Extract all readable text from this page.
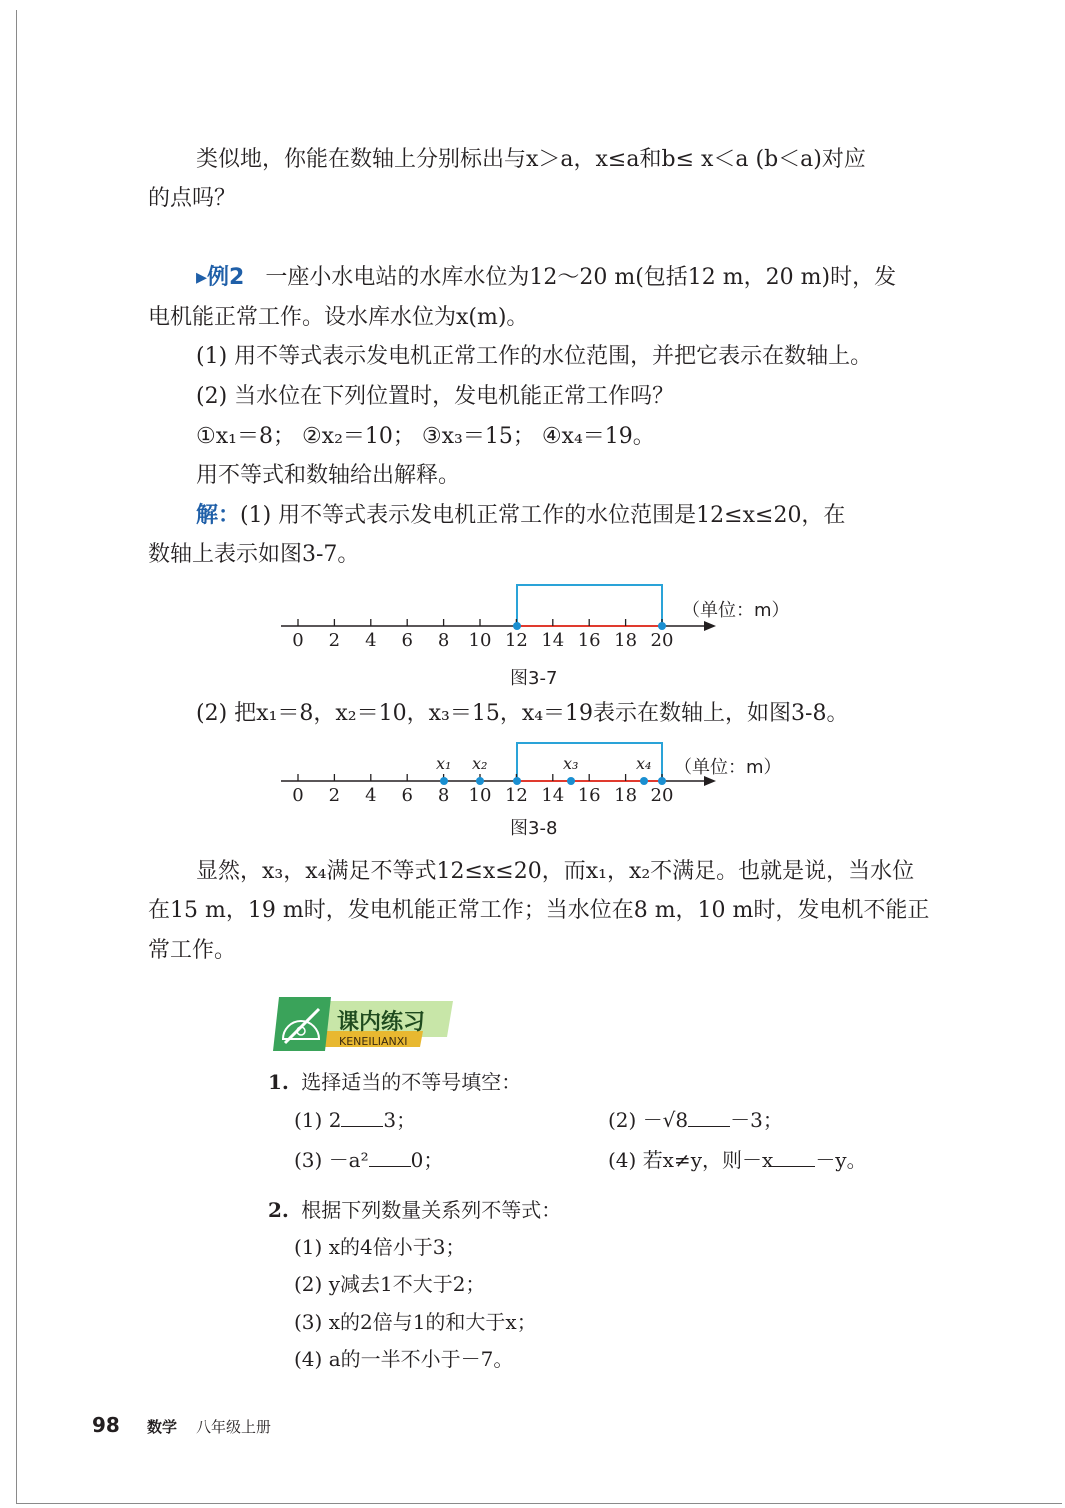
类似地，你能在数轴上分别标出与x＞a，x≤a和b≤ x＜a (b＜a)对应
的点吗？
▸例2 一座小水电站的水库水位为12～20 m(包括12 m，20 m)时，发
电机能正常工作。设水库水位为x(m)。
(1) 用不等式表示发电机正常工作的水位范围，并把它表示在数轴上。
(2) 当水位在下列位置时，发电机能正常工作吗？
①x₁＝8； ②x₂＝10； ③x₃＝15； ④x₄＝19。
用不等式和数轴给出解释。
解：(1) 用不等式表示发电机正常工作的水位范围是12≤x≤20，在
数轴上表示如图3-7。
0 2 4 6 8 10 12 14 16 18 20
（单位：m）
图3-7
(2) 把x₁＝8，x₂＝10，x₃＝15，x₄＝19表示在数轴上，如图3-8。
0 2 4 6 8 10 12 14 16 18 20
x₁ x₂	x₃	x₄ （单位：m）
图3-8
显然，x₃，x₄满足不等式12≤x≤20，而x₁，x₂不满足。也就是说，当水位
在15 m，19 m时，发电机能正常工作；当水位在8 m，10 m时，发电机不能正
常工作。
课内练习
KENEILIANXI
1. 选择适当的不等号填空：
(1) 2 3；	(2) －√8 －3；
(3) －a² 0；	(4) 若x≠y，则－x －y。
2. 根据下列数量关系列不等式：
(1) x的4倍小于3；
(2) y减去1不大于2；
(3) x的2倍与1的和大于x；
(4) a的一半不小于－7。
98 数学 八年级上册
